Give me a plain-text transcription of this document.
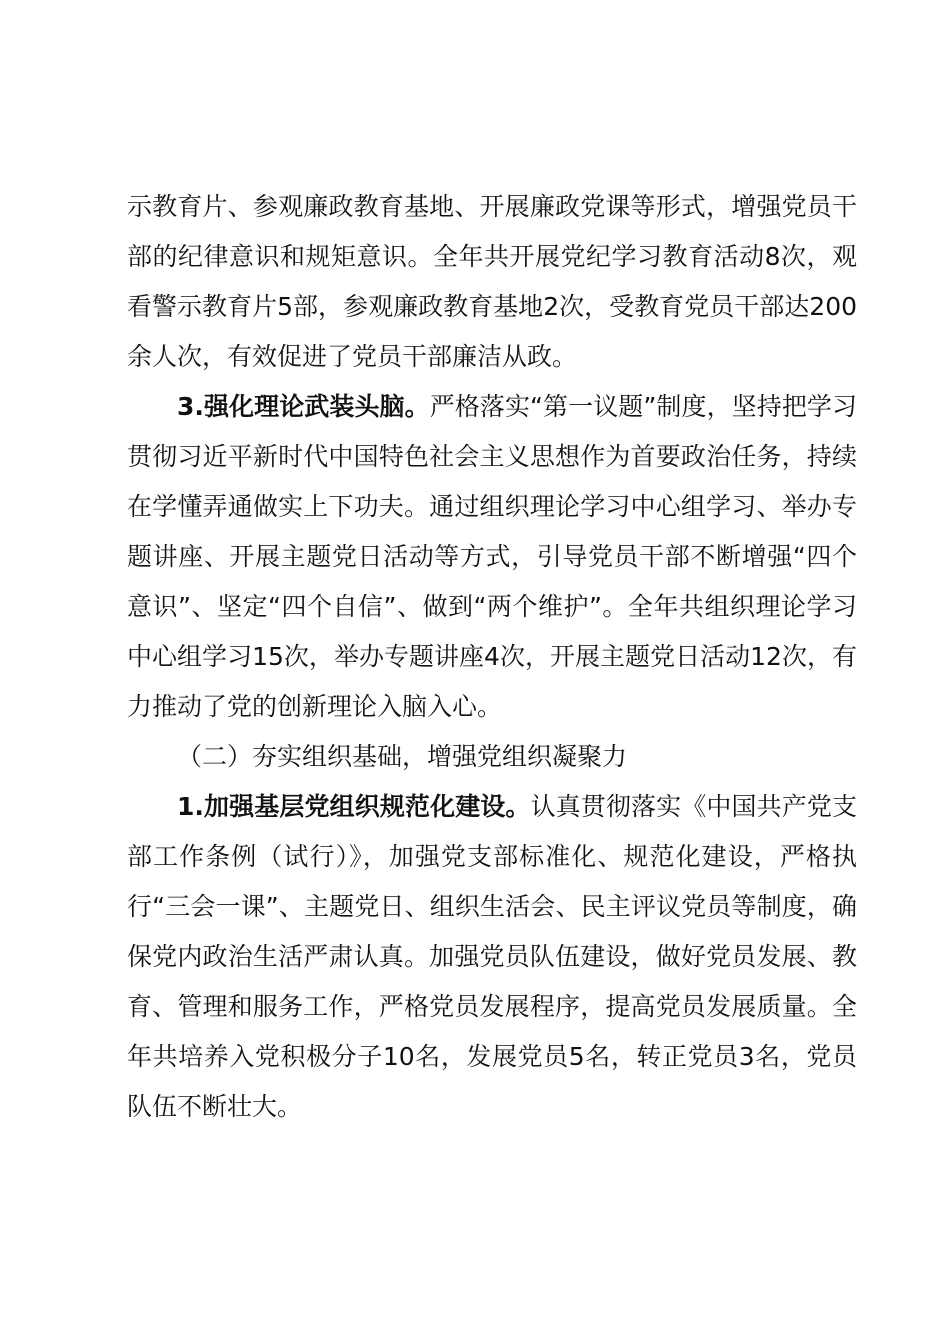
示教育片、参观廉政教育基地、开展廉政党课等形式，增强党员干部的纪律意识和规矩意识。全年共开展党纪学习教育活动8次，观看警示教育片5部，参观廉政教育基地2次，受教育党员干部达200余人次，有效促进了党员干部廉洁从政。

3.强化理论武装头脑。严格落实“第一议题”制度，坚持把学习贯彻习近平新时代中国特色社会主义思想作为首要政治任务，持续在学懂弄通做实上下功夫。通过组织理论学习中心组学习、举办专题讲座、开展主题党日活动等方式，引导党员干部不断增强“四个意识”、坚定“四个自信”、做到“两个维护”。全年共组织理论学习中心组学习15次，举办专题讲座4次，开展主题党日活动12次，有力推动了党的创新理论入脑入心。

（二）夯实组织基础，增强党组织凝聚力

1.加强基层党组织规范化建设。认真贯彻落实《中国共产党支部工作条例（试行）》，加强党支部标准化、规范化建设，严格执行“三会一课”、主题党日、组织生活会、民主评议党员等制度，确保党内政治生活严肃认真。加强党员队伍建设，做好党员发展、教育、管理和服务工作，严格党员发展程序，提高党员发展质量。全年共培养入党积极分子10名，发展党员5名，转正党员3名，党员队伍不断壮大。
